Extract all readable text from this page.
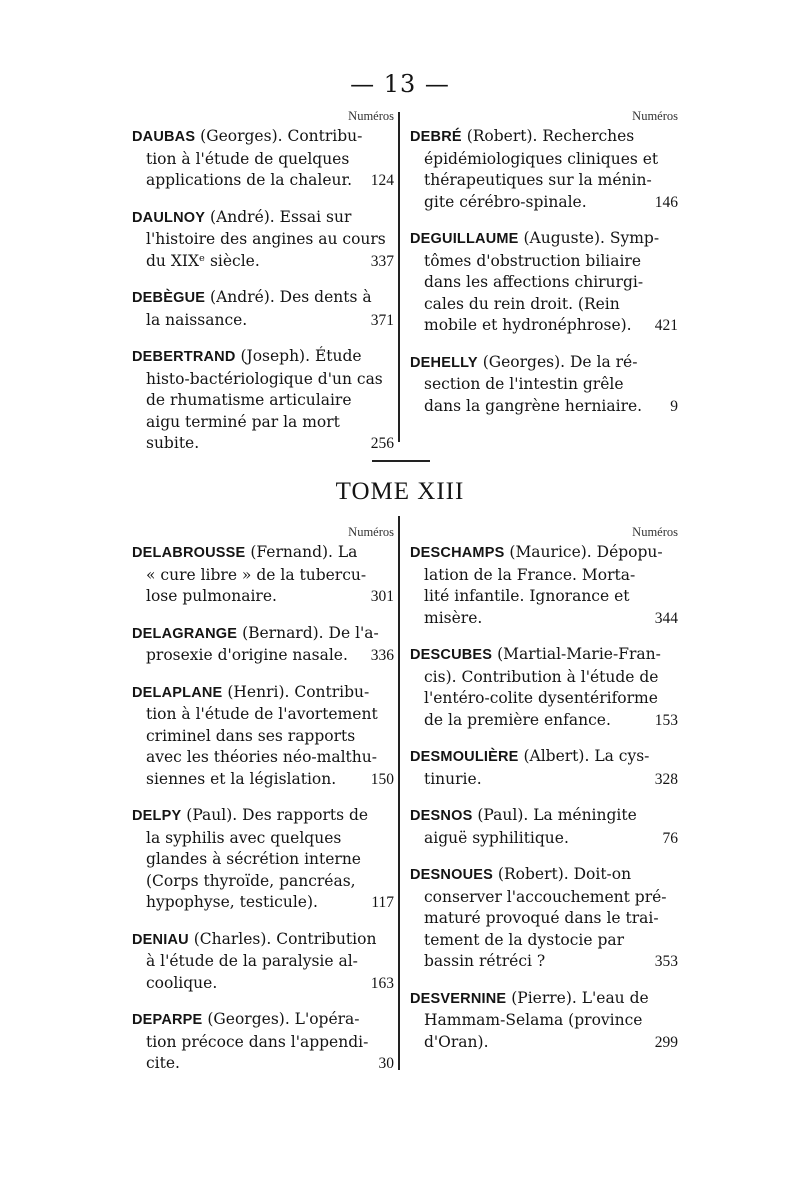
— 13 —
Numéros
DAUBAS (Georges). Contribu-
tion à l'étude de quelques
124
applications de la chaleur.
DAULNOY (André). Essai sur
l'histoire des angines au cours
337
du XIXᵉ siècle.
DEBÈGUE (André). Des dents à
371
la naissance.
DEBERTRAND (Joseph). Étude
histo-bactériologique d'un cas
de rhumatisme articulaire
aigu terminé par la mort
256
subite.
Numéros
DEBRÉ (Robert). Recherches
épidémiologiques cliniques et
thérapeutiques sur la ménin-
146
gite cérébro-spinale.
DEGUILLAUME (Auguste). Symp-
tômes d'obstruction biliaire
dans les affections chirurgi-
cales du rein droit. (Rein
421
mobile et hydronéphrose).
DEHELLY (Georges). De la ré-
section de l'intestin grêle
9
dans la gangrène herniaire.
TOME XIII
Numéros
DELABROUSSE (Fernand). La
« cure libre » de la tubercu-
301
lose pulmonaire.
DELAGRANGE (Bernard). De l'a-
336
prosexie d'origine nasale.
DELAPLANE (Henri). Contribu-
tion à l'étude de l'avortement
criminel dans ses rapports
avec les théories néo-malthu-
150
siennes et la législation.
DELPY (Paul). Des rapports de
la syphilis avec quelques
glandes à sécrétion interne
(Corps thyroïde, pancréas,
117
hypophyse, testicule).
DENIAU (Charles). Contribution
à l'étude de la paralysie al-
163
coolique.
DEPARPE (Georges). L'opéra-
tion précoce dans l'appendi-
30
cite.
Numéros
DESCHAMPS (Maurice). Dépopu-
lation de la France. Morta-
lité infantile. Ignorance et
344
misère.
DESCUBES (Martial-Marie-Fran-
cis). Contribution à l'étude de
l'entéro-colite dysentériforme
153
de la première enfance.
DESMOULIÈRE (Albert). La cys-
328
tinurie.
DESNOS (Paul). La méningite
76
aiguë syphilitique.
DESNOUES (Robert). Doit-on
conserver l'accouchement pré-
maturé provoqué dans le trai-
tement de la dystocie par
353
bassin rétréci ?
DESVERNINE (Pierre). L'eau de
Hammam-Selama (province
299
d'Oran).
